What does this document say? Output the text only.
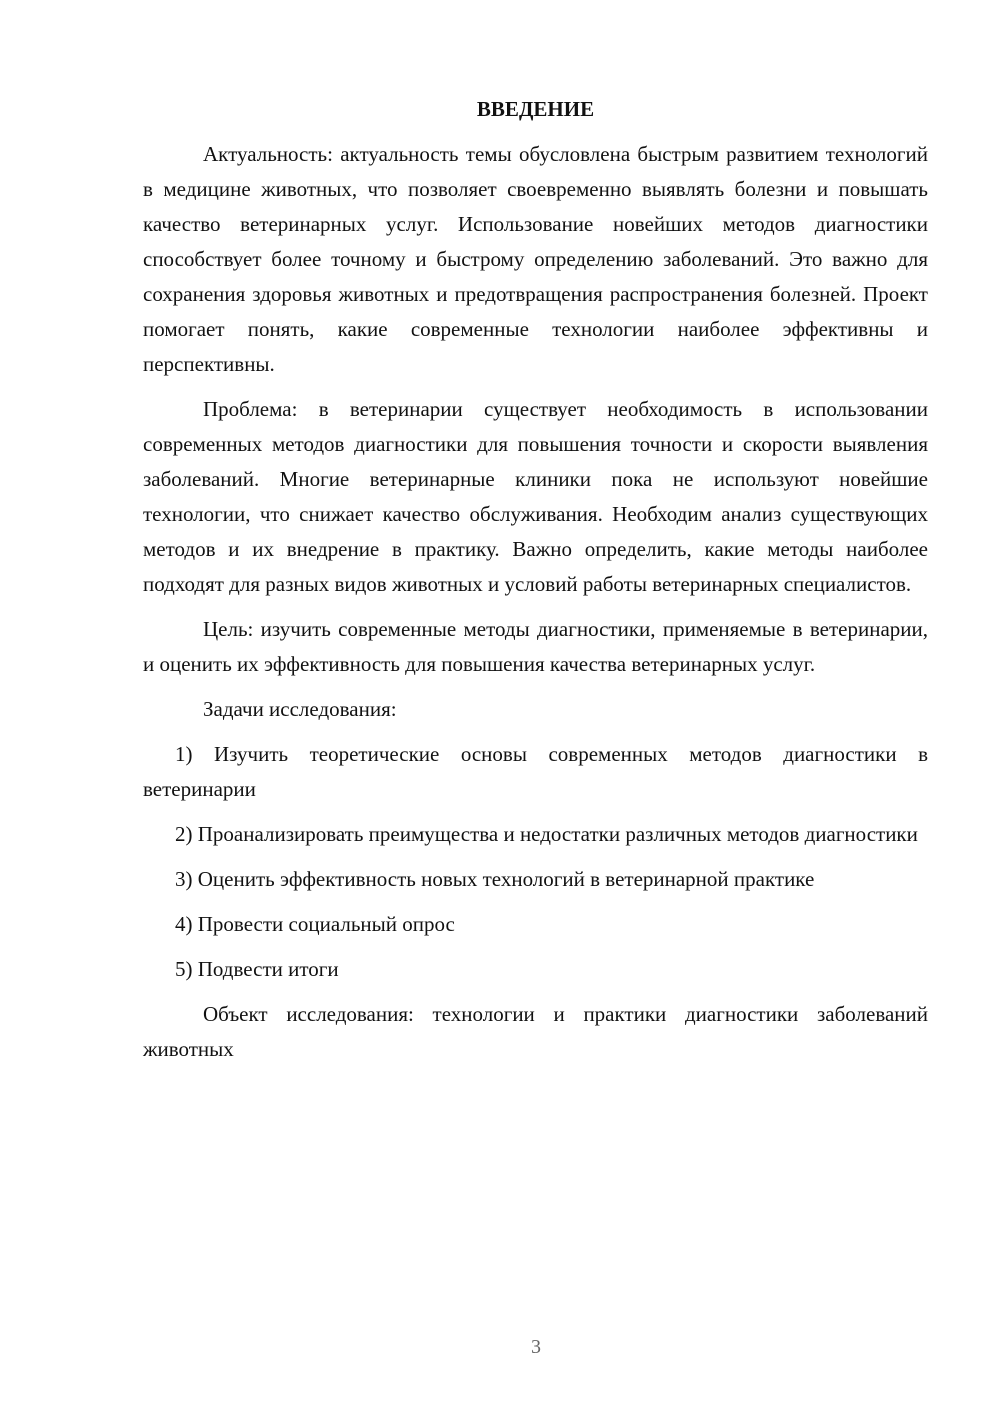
ВВЕДЕНИЕ

Актуальность: актуальность темы обусловлена быстрым развитием технологий в медицине животных, что позволяет своевременно выявлять болезни и повышать качество ветеринарных услуг. Использование новейших методов диагностики способствует более точному и быстрому определению заболеваний. Это важно для сохранения здоровья животных и предотвращения распространения болезней. Проект помогает понять, какие современные технологии наиболее эффективны и перспективны.

Проблема: в ветеринарии существует необходимость в использовании современных методов диагностики для повышения точности и скорости выявления заболеваний. Многие ветеринарные клиники пока не используют новейшие технологии, что снижает качество обслуживания. Необходим анализ существующих методов и их внедрение в практику. Важно определить, какие методы наиболее подходят для разных видов животных и условий работы ветеринарных специалистов.

Цель: изучить современные методы диагностики, применяемые в ветеринарии, и оценить их эффективность для повышения качества ветеринарных услуг.

Задачи исследования:

1) Изучить теоретические основы современных методов диагностики в ветеринарии

2) Проанализировать преимущества и недостатки различных методов диагностики

3) Оценить эффективность новых технологий в ветеринарной практике

4) Провести социальный опрос

5) Подвести итоги

Объект исследования: технологии и практики диагностики заболеваний животных

3
